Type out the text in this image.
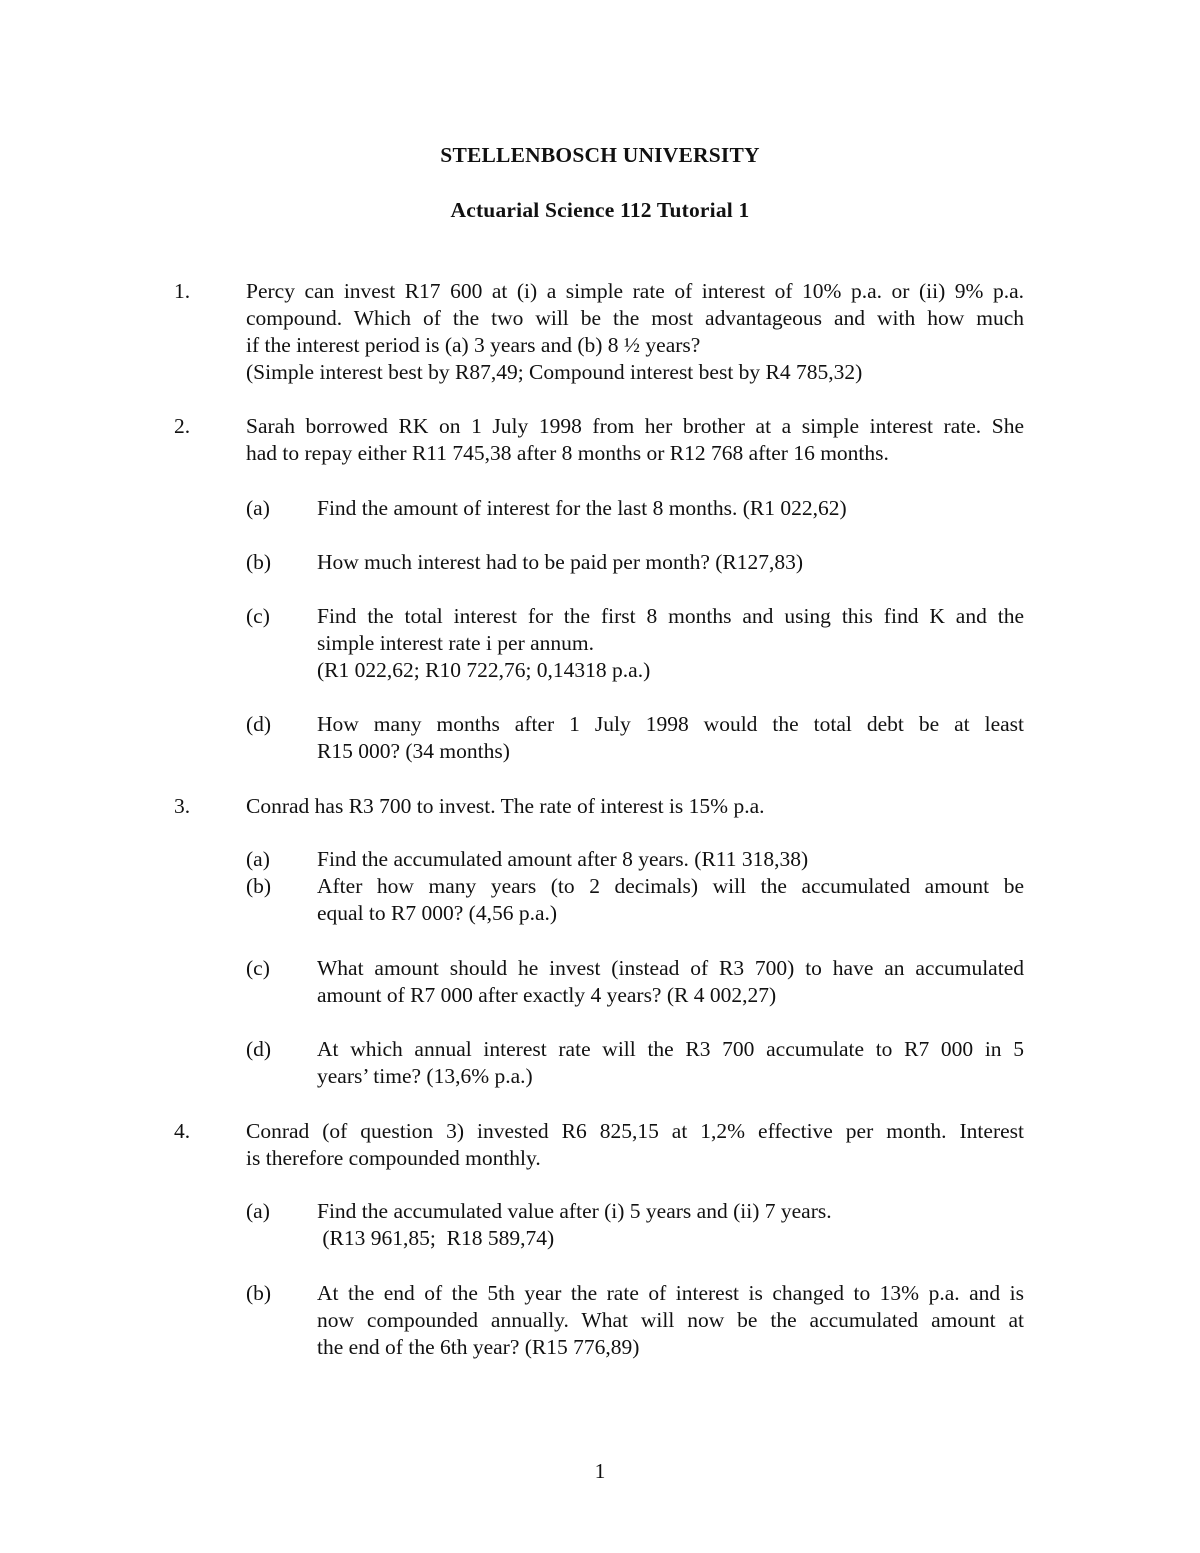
STELLENBOSCH UNIVERSITY
Actuarial Science 112 Tutorial 1
1.	Percy can invest R17 600 at (i) a simple rate of interest of 10% p.a. or (ii) 9% p.a.
compound. Which of the two will be the most advantageous and with how much
if the interest period is (a) 3 years and (b) 8 ½ years?
(Simple interest best by R87,49; Compound interest best by R4 785,32)
2.	Sarah borrowed RK on 1 July 1998 from her brother at a simple interest rate. She
had to repay either R11 745,38 after 8 months or R12 768 after 16 months.
(a) Find the amount of interest for the last 8 months. (R1 022,62)
(b) How much interest had to be paid per month? (R127,83)
(c) Find the total interest for the first 8 months and using this find K and the
simple interest rate i per annum.
(R1 022,62; R10 722,76; 0,14318 p.a.)
(d) How many months after 1 July 1998 would the total debt be at least
R15 000? (34 months)
3.	Conrad has R3 700 to invest. The rate of interest is 15% p.a.
(a) Find the accumulated amount after 8 years. (R11 318,38)
(b) After how many years (to 2 decimals) will the accumulated amount be
equal to R7 000? (4,56 p.a.)
(c) What amount should he invest (instead of R3 700) to have an accumulated
amount of R7 000 after exactly 4 years? (R 4 002,27)
(d) At which annual interest rate will the R3 700 accumulate to R7 000 in 5
years’ time? (13,6% p.a.)
4.	Conrad (of question 3) invested R6 825,15 at 1,2% effective per month. Interest
is therefore compounded monthly.
(a) Find the accumulated value after (i) 5 years and (ii) 7 years.
(R13 961,85;  R18 589,74)
(b) At the end of the 5th year the rate of interest is changed to 13% p.a. and is
now compounded annually. What will now be the accumulated amount at
the end of the 6th year? (R15 776,89)
1
